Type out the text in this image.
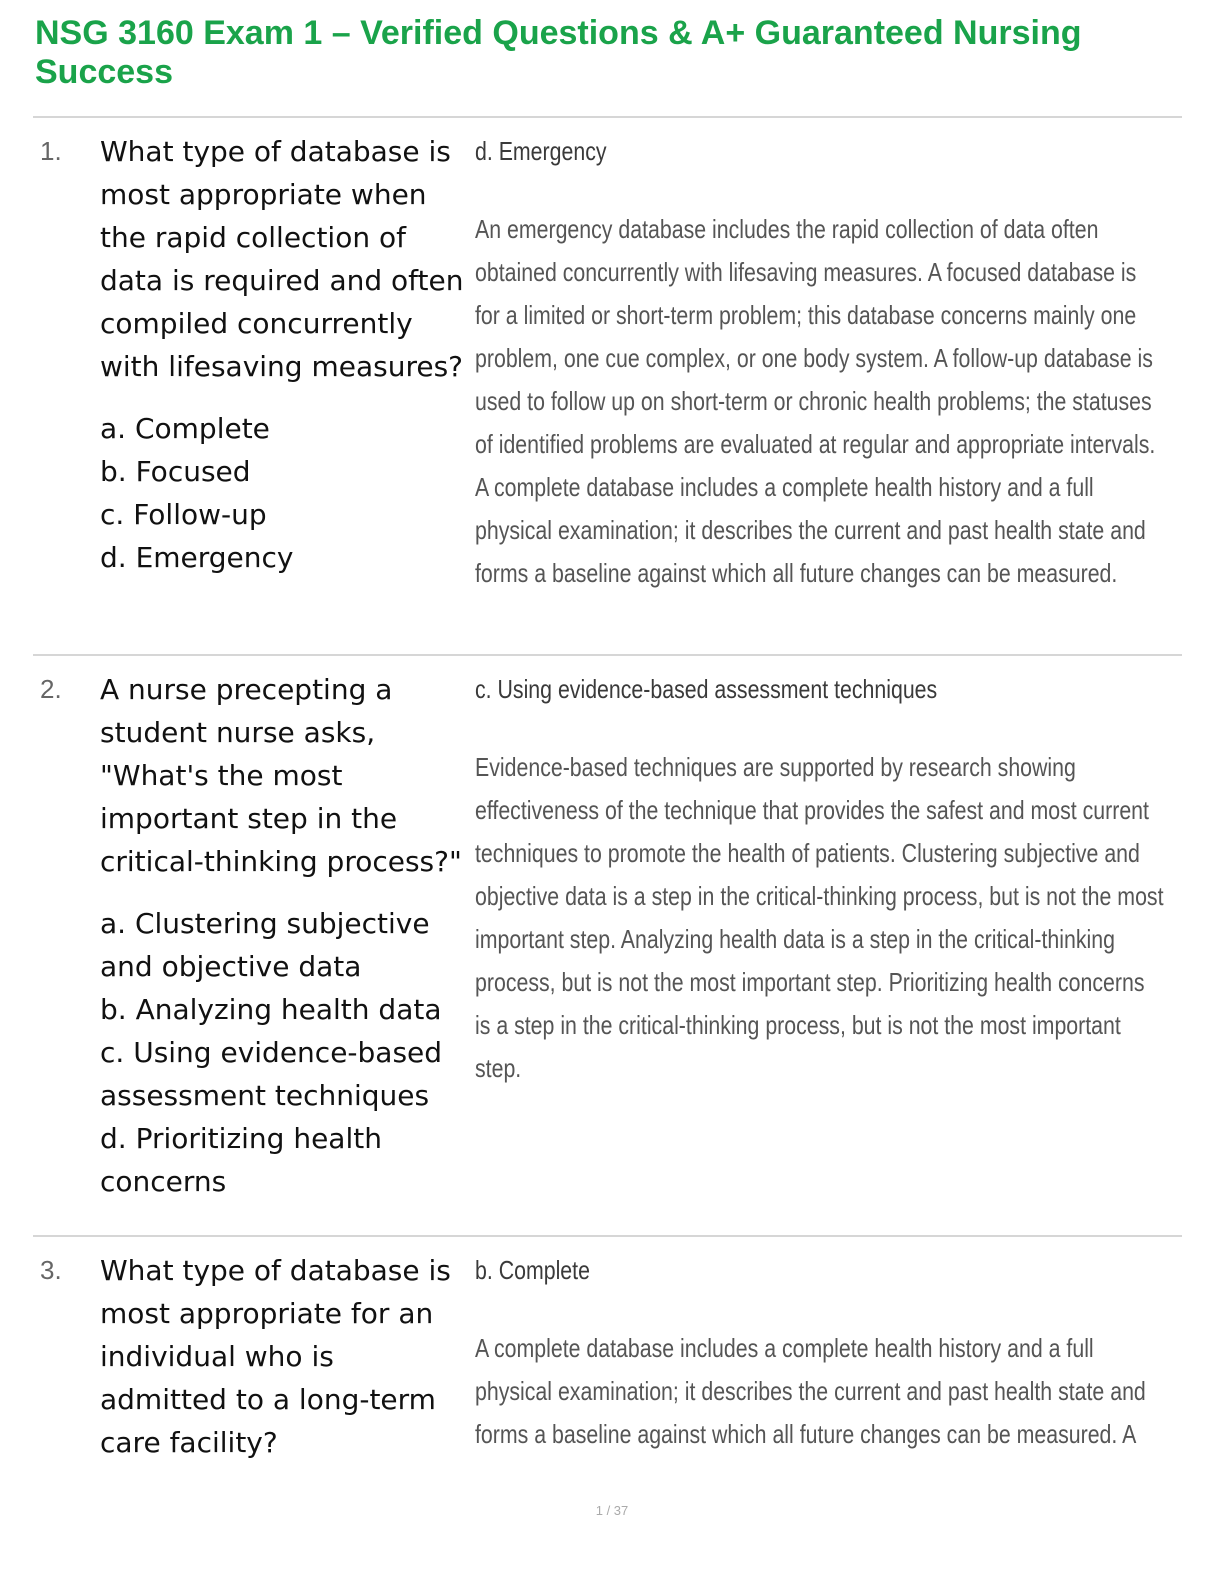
NSG 3160 Exam 1 – Verified Questions & A+ Guaranteed Nursing Success
1. What type of database is most appropriate when the rapid collection of data is required and often compiled concurrently with lifesaving measures?

a. Complete

b. Focused

c. Follow-up

d. Emergency

d. Emergency

An emergency database includes the rapid collection of data often obtained concurrently with lifesaving measures. A focused database is for a limited or short-term problem; this database concerns mainly one problem, one cue complex, or one body system. A follow-up database is used to follow up on short-term or chronic health problems; the statuses of identified problems are evaluated at regular and appropriate intervals. A complete database includes a complete health history and a full physical examination; it describes the current and past health state and forms a baseline against which all future changes can be measured.

2. A nurse precepting a student nurse asks, "What's the most important step in the critical-thinking process?"

a. Clustering subjective and objective data

b. Analyzing health data

c. Using evidence-based assessment techniques

d. Prioritizing health concerns

c. Using evidence-based assessment techniques

Evidence-based techniques are supported by research showing effectiveness of the technique that provides the safest and most current techniques to promote the health of patients. Clustering subjective and objective data is a step in the critical-thinking process, but is not the most important step. Analyzing health data is a step in the critical-thinking process, but is not the most important step. Prioritizing health concerns is a step in the critical-thinking process, but is not the most important step.

3. What type of database is most appropriate for an individual who is admitted to a long-term care facility?

b. Complete

A complete database includes a complete health history and a full physical examination; it describes the current and past health state and forms a baseline against which all future changes can be measured. A

1 / 37
